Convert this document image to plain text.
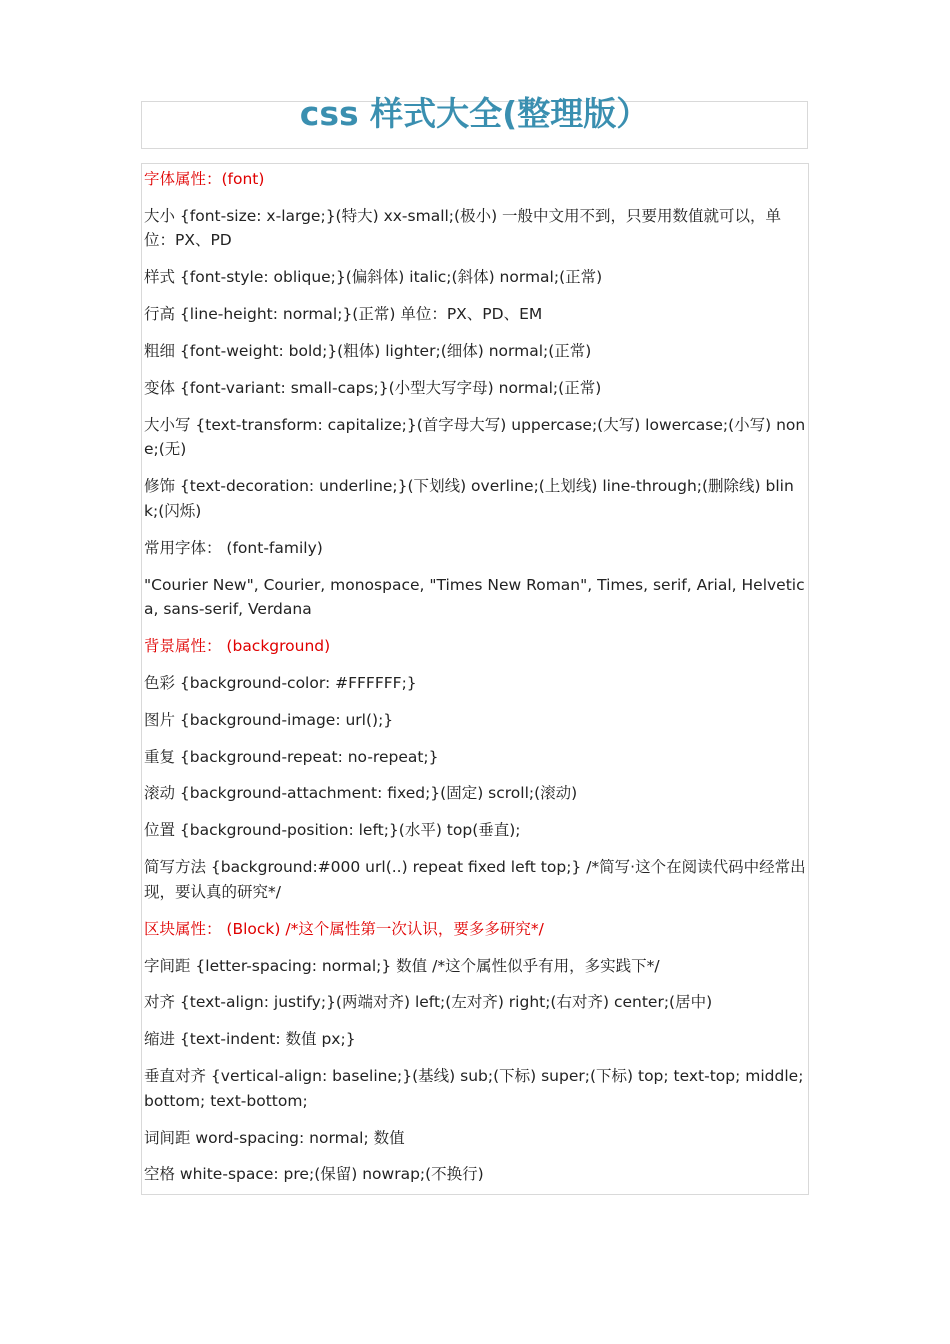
css 样式大全(整理版）
字体属性：(font)
大小 {font-size: x-large;}(特大) xx-small;(极小) 一般中文用不到，只要用数值就可以，单位：PX、PD
样式 {font-style: oblique;}(偏斜体) italic;(斜体) normal;(正常)
行高 {line-height: normal;}(正常) 单位：PX、PD、EM
粗细 {font-weight: bold;}(粗体) lighter;(细体) normal;(正常)
变体 {font-variant: small-caps;}(小型大写字母) normal;(正常)
大小写 {text-transform: capitalize;}(首字母大写) uppercase;(大写) lowercase;(小写) none;(无)
修饰 {text-decoration: underline;}(下划线) overline;(上划线) line-through;(删除线) blink;(闪烁)
常用字体： (font-family)
"Courier New", Courier, monospace, "Times New Roman", Times, serif, Arial, Helvetica, sans-serif, Verdana
背景属性： (background)
色彩 {background-color: #FFFFFF;}
图片 {background-image: url();}
重复 {background-repeat: no-repeat;}
滚动 {background-attachment: fixed;}(固定) scroll;(滚动)
位置 {background-position: left;}(水平) top(垂直);
简写方法 {background:#000 url(..) repeat fixed left top;} /*简写·这个在阅读代码中经常出现，要认真的研究*/
区块属性： (Block) /*这个属性第一次认识，要多多研究*/
字间距 {letter-spacing: normal;} 数值 /*这个属性似乎有用，多实践下*/
对齐 {text-align: justify;}(两端对齐) left;(左对齐) right;(右对齐) center;(居中)
缩进 {text-indent: 数值 px;}
垂直对齐 {vertical-align: baseline;}(基线) sub;(下标) super;(下标) top; text-top; middle; bottom; text-bottom;
词间距 word-spacing: normal; 数值
空格 white-space: pre;(保留) nowrap;(不换行)
